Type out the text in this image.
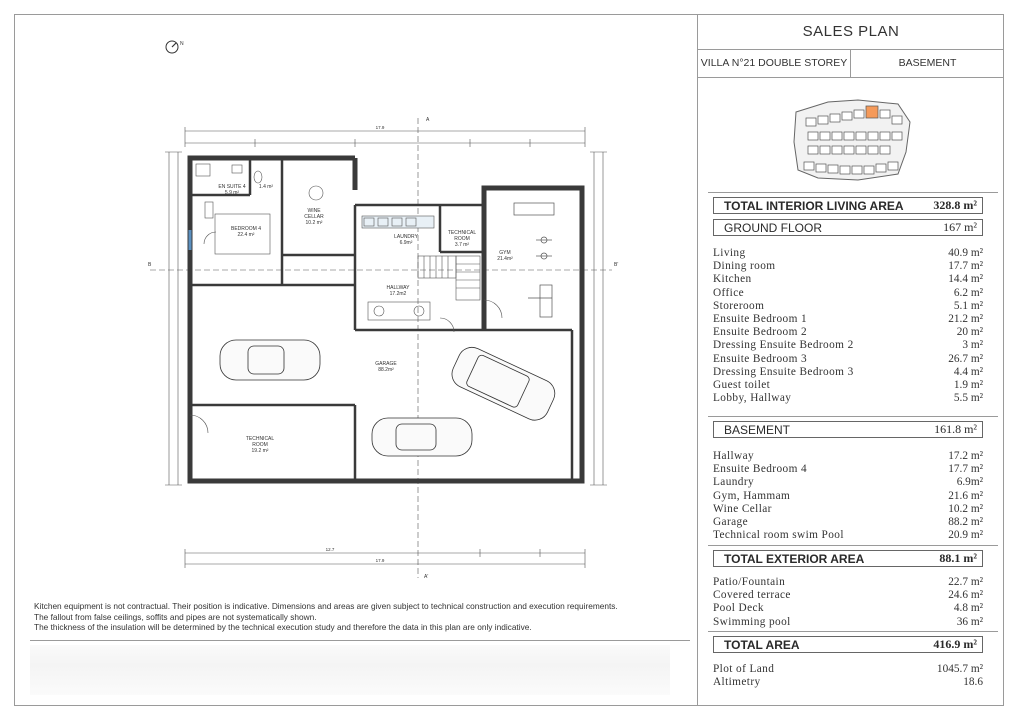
N
17.9
17.9
12.7
A
A'
B	B'
BEDROOM 4
22.4 m²
EN SUITE 4
5.9 m²
1.4 m²
WINE
CELLAR
10.2 m²
LAUNDRY
6.9m²
TECHNICAL
ROOM
3.7 m²
GYM
21.4m²
HALLWAY
17.2m2
GARAGE
88.2m²
TECHNICAL
ROOM
19.2 m²
Kitchen equipment is not contractual. Their position is indicative. Dimensions and areas are given subject to technical construction and execution requirements.
The fallout from false ceilings, soffits and pipes are not systematically shown.
The thickness of the insulation will be determined by the technical execution study and therefore the data in this plan are only indicative.
SALES PLAN
VILLA N°21 DOUBLE STOREY	BASEMENT
TOTAL INTERIOR LIVING AREA 328.8 m²
GROUND FLOOR	167 m²
Living	40.9 m²
Dining room	17.7 m²
Kitchen	14.4 m²
Office	6.2 m²
Storeroom	5.1 m²
Ensuite Bedroom 1	21.2 m²
Ensuite Bedroom 2	20 m²
Dressing Ensuite Bedroom 2	3 m²
Ensuite Bedroom 3	26.7 m²
Dressing Ensuite Bedroom 3	4.4 m²
Guest toilet	1.9 m²
Lobby, Hallway	5.5 m²
BASEMENT	161.8 m²
Hallway	17.2 m²
Ensuite Bedroom 4	17.7 m²
Laundry	6.9m²
Gym, Hammam	21.6 m²
Wine Cellar	10.2 m²
Garage	88.2 m²
Technical room swim Pool	20.9 m²
TOTAL EXTERIOR AREA	88.1 m²
Patio/Fountain	22.7 m²
Covered terrace	24.6 m²
Pool Deck	4.8 m²
Swimming pool	36 m²
TOTAL AREA	416.9 m²
Plot of Land	1045.7 m²
Altimetry	18.6
